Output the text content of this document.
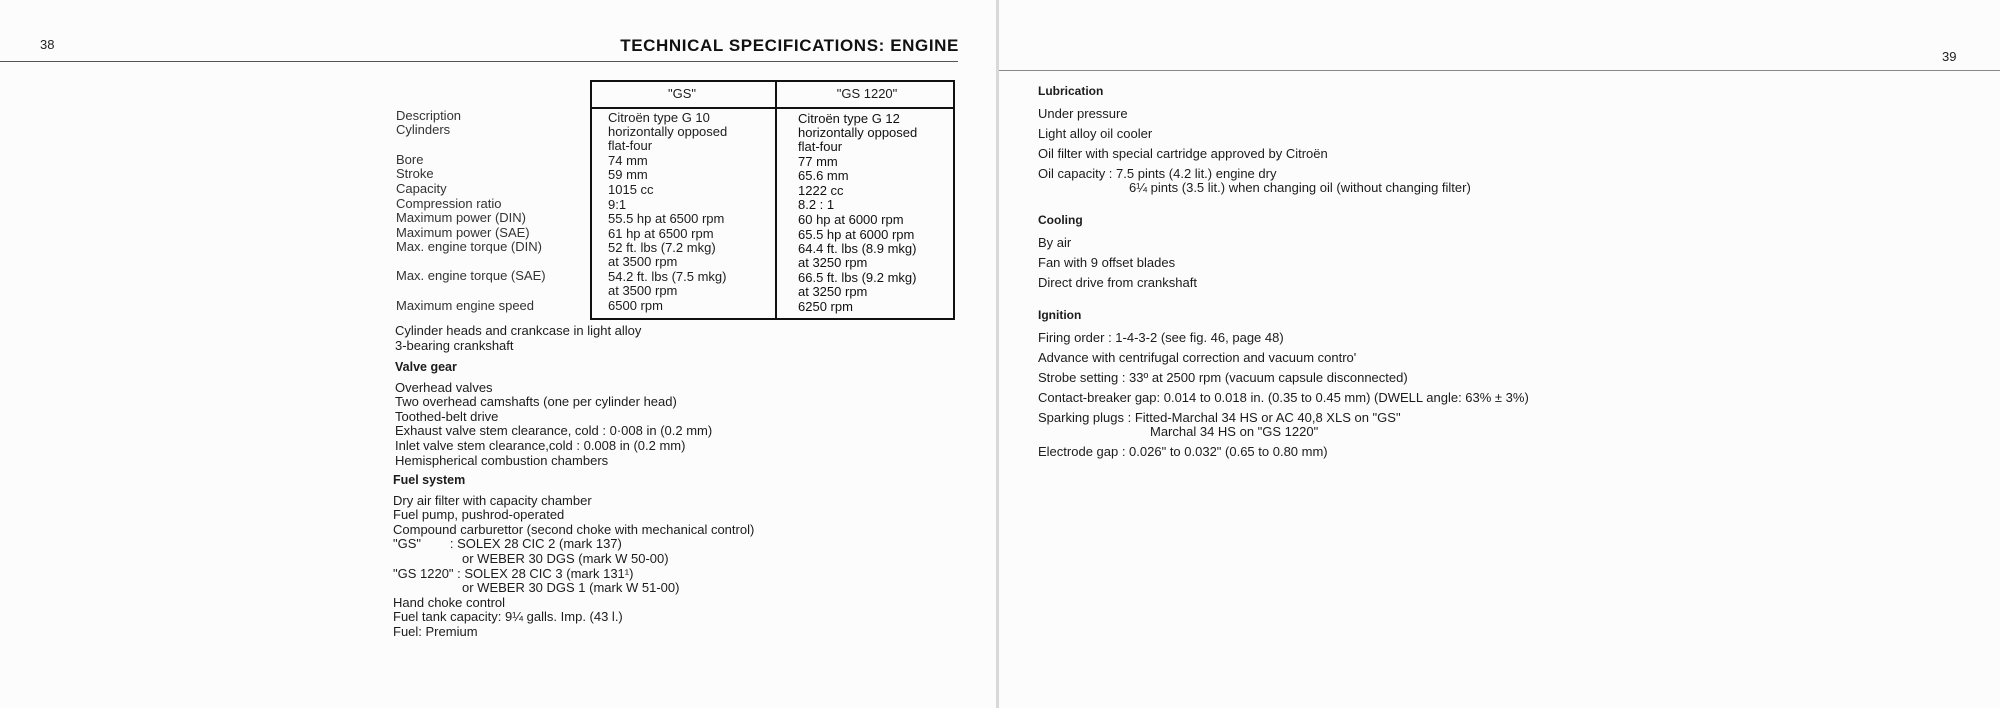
38	TECHNICAL SPECIFICATIONS: ENGINE
39
Description
Cylinders
Bore
Stroke
Capacity
Compression ratio
Maximum power (DIN)
Maximum power (SAE)
Max. engine torque (DIN)
Max. engine torque (SAE)
Maximum engine speed
"GS"	"GS 1220"
Citroën type G 10
horizontally opposed
flat-four
74 mm
59 mm
1015 cc
9:1
55.5 hp at 6500 rpm
61 hp at 6500 rpm
52 ft. lbs (7.2 mkg)
at 3500 rpm
54.2 ft. lbs (7.5 mkg)
at 3500 rpm
6500 rpm
Citroën type G 12
horizontally opposed
flat-four
77 mm
65.6 mm
1222 cc
8.2 : 1
60 hp at 6000 rpm
65.5 hp at 6000 rpm
64.4 ft. lbs (8.9 mkg)
at 3250 rpm
66.5 ft. lbs (9.2 mkg)
at 3250 rpm
6250 rpm
Cylinder heads and crankcase in light alloy
3-bearing crankshaft
Valve gear
Overhead valves
Two overhead camshafts (one per cylinder head)
Toothed-belt drive
Exhaust valve stem clearance, cold : 0·008 in (0.2 mm)
Inlet valve stem clearance,cold : 0.008 in (0.2 mm)
Hemispherical combustion chambers
Fuel system
Dry air filter with capacity chamber
Fuel pump, pushrod-operated
Compound carburettor (second choke with mechanical control)
"GS"        : SOLEX 28 CIC 2 (mark 137)
or WEBER 30 DGS (mark W 50-00)
"GS 1220" : SOLEX 28 CIC 3 (mark 131¹)
or WEBER 30 DGS 1 (mark W 51-00)
Hand choke control
Fuel tank capacity: 9¼ galls. Imp. (43 l.)
Fuel: Premium
Lubrication
Under pressure
Light alloy oil cooler
Oil filter with special cartridge approved by Citroën
Oil capacity : 7.5 pints (4.2 lit.) engine dry
6¼ pints (3.5 lit.) when changing oil (without changing filter)
Cooling
By air
Fan with 9 offset blades
Direct drive from crankshaft
Ignition
Firing order : 1-4-3-2 (see fig. 46, page 48)
Advance with centrifugal correction and vacuum contro'
Strobe setting : 33º at 2500 rpm (vacuum capsule disconnected)
Contact-breaker gap: 0.014 to 0.018 in. (0.35 to 0.45 mm) (DWELL angle: 63% ± 3%)
Sparking plugs : Fitted-Marchal 34 HS or AC 40,8 XLS on "GS"
Marchal 34 HS on "GS 1220"
Electrode gap : 0.026" to 0.032" (0.65 to 0.80 mm)
